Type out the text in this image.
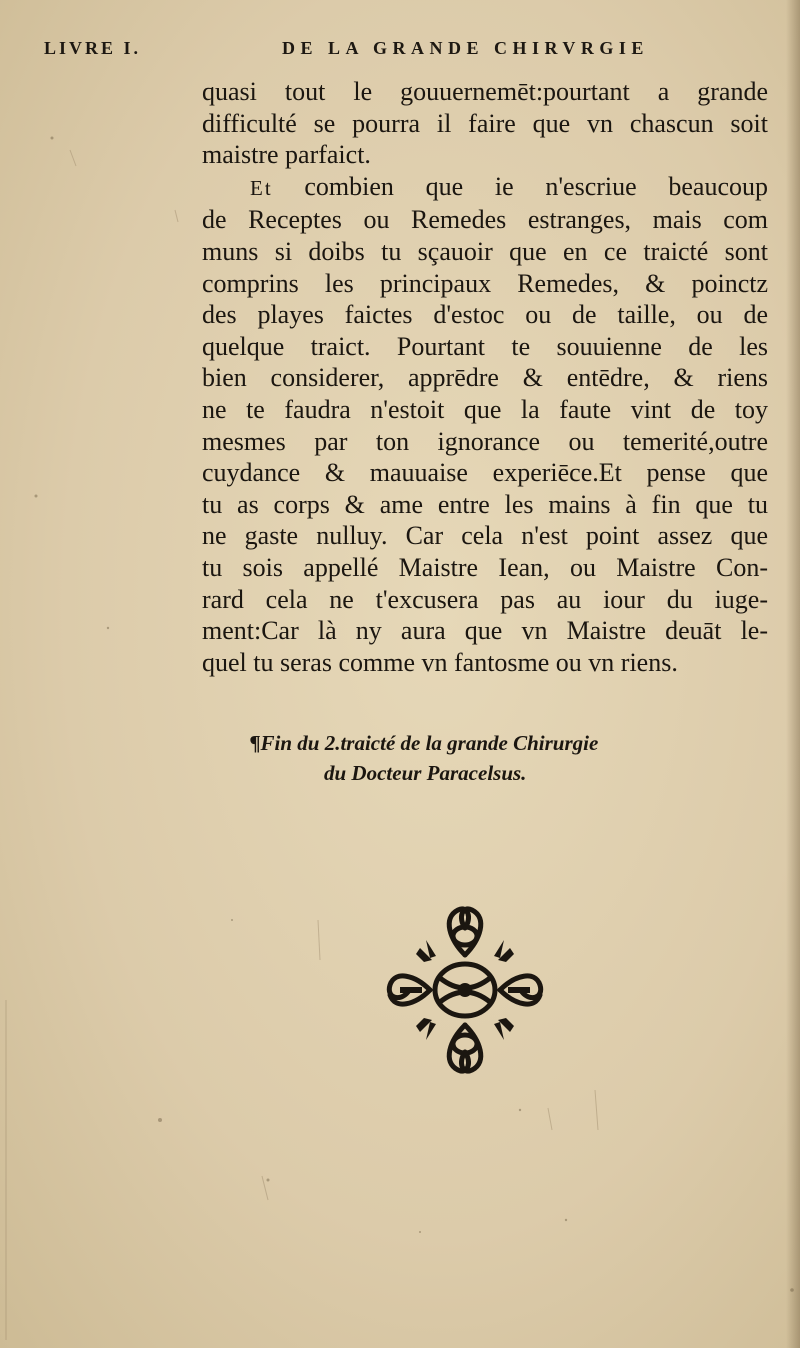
LIVRE I.	DE LA GRANDE CHIRVRGIE
quasi tout le gouuernemēt:pourtant a grande
difficulté se pourra il faire que vn chascun soit
maistre parfaict.
Et combien que ie n'escriue beaucoup
de Receptes ou Remedes estranges, mais com
muns si doibs tu sçauoir que en ce traicté sont
comprins les principaux Remedes, & poinctz
des playes faictes d'estoc ou de taille, ou de
quelque traict. Pourtant te souuienne de les
bien considerer, apprēdre & entēdre, & riens
ne te faudra n'estoit que la faute vint de toy
mesmes par ton ignorance ou temerité,outre
cuydance & mauuaise experiēce.Et pense que
tu as corps & ame entre les mains à fin que tu
ne gaste nulluy. Car cela n'est point assez que
tu sois appellé Maistre Iean, ou Maistre Con-
rard cela ne t'excusera pas au iour du iuge-
ment:Car là ny aura que vn Maistre deuāt le-
quel tu seras comme vn fantosme ou vn riens.
¶Fin du 2.traicté de la grande Chirurgie
du Docteur Paracelsus.
